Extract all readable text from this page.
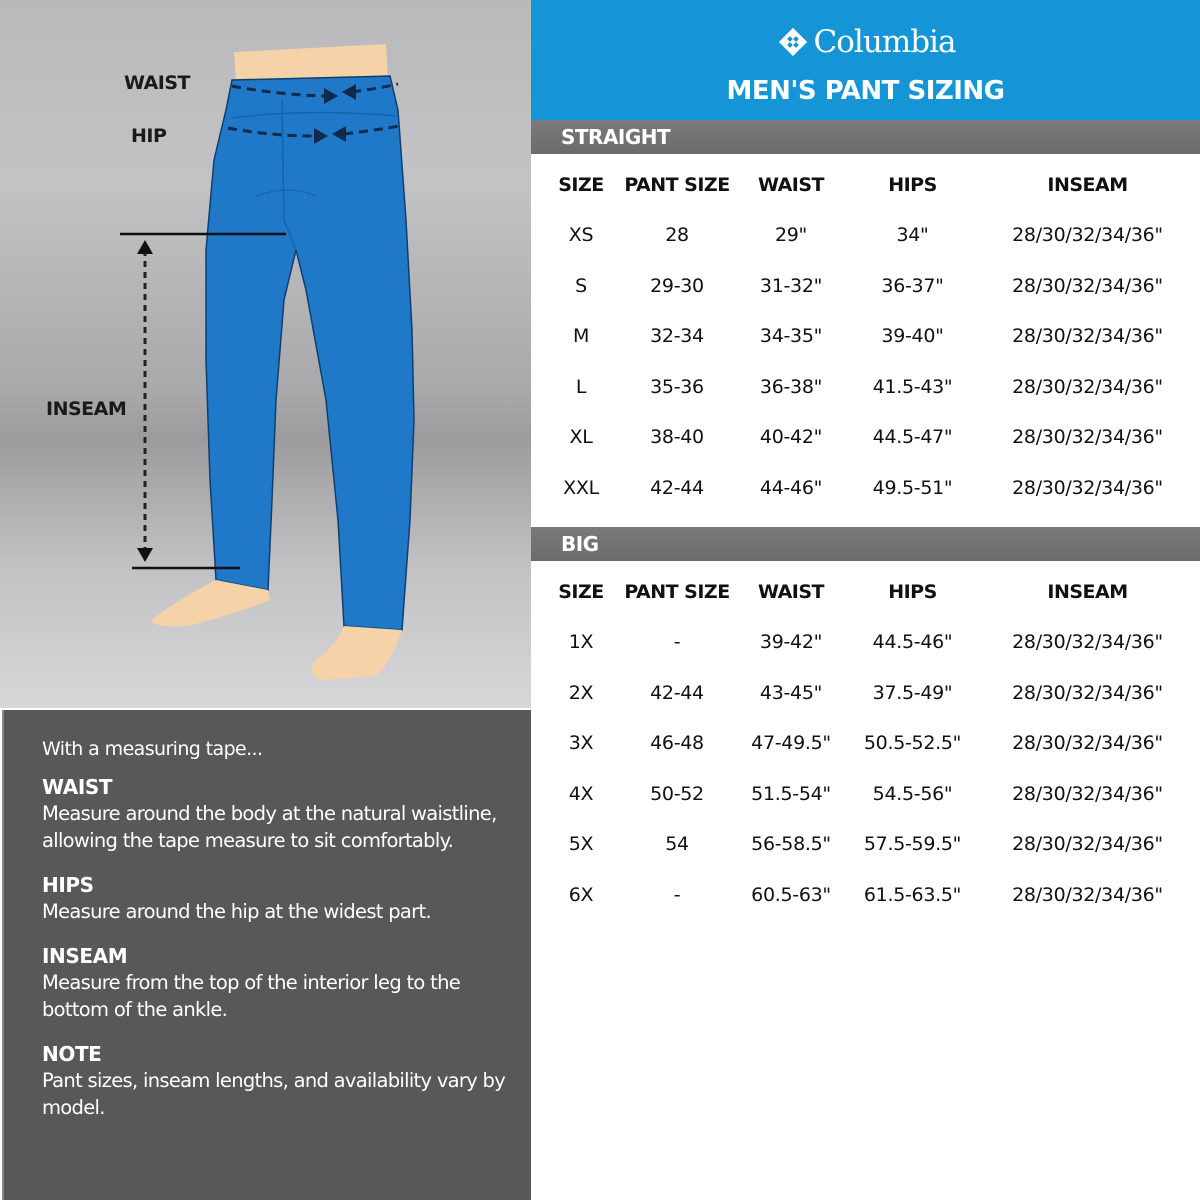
WAIST
HIP
INSEAM
With a measuring tape...
WAIST

Measure around the body at the natural waistline, allowing the tape measure to sit comfortably.

HIPS

Measure around the hip at the widest part.

INSEAM

Measure from the top of the interior leg to the bottom of the ankle.

NOTE

Pant sizes, inseam lengths, and availability vary by model.

Columbia
MEN'S PANT SIZING
STRAIGHT
SIZE	PANT SIZE	WAIST	HIPS	INSEAM
XS	28	29"	34"	28/30/32/34/36"
S	29-30	31-32"	36-37"	28/30/32/34/36"
M	32-34	34-35"	39-40"	28/30/32/34/36"
L	35-36	36-38"	41.5-43"	28/30/32/34/36"
XL	38-40	40-42"	44.5-47"	28/30/32/34/36"
XXL	42-44	44-46"	49.5-51"	28/30/32/34/36"
BIG
SIZE	PANT SIZE	WAIST	HIPS	INSEAM
1X	-	39-42"	44.5-46"	28/30/32/34/36"
2X	42-44	43-45"	37.5-49"	28/30/32/34/36"
3X	46-48	47-49.5"	50.5-52.5"	28/30/32/34/36"
4X	50-52	51.5-54"	54.5-56"	28/30/32/34/36"
5X	54	56-58.5"	57.5-59.5"	28/30/32/34/36"
6X	-	60.5-63"	61.5-63.5"	28/30/32/34/36"
